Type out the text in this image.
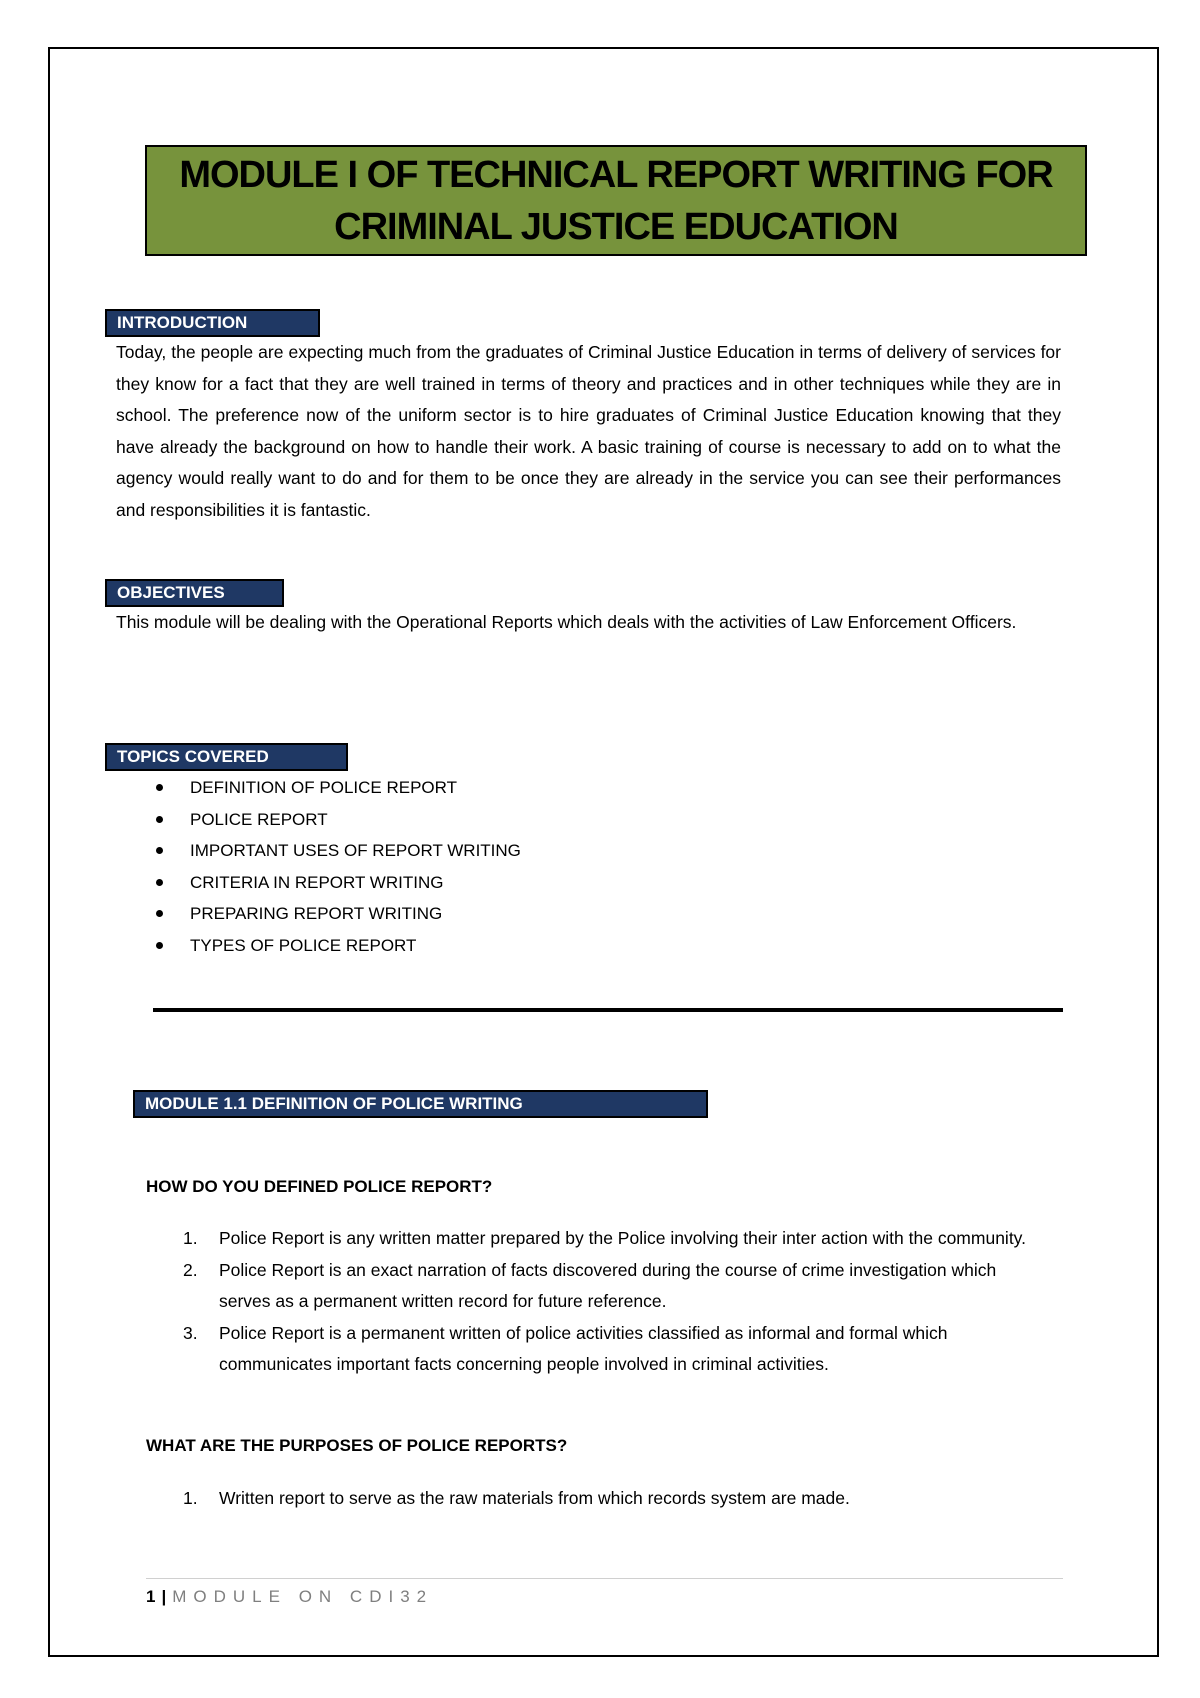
MODULE I OF TECHNICAL REPORT WRITING FOR
CRIMINAL JUSTICE EDUCATION
INTRODUCTION

Today, the people are expecting much from the graduates of Criminal Justice Education in terms of delivery of services for they know for a fact that they are well trained in terms of theory and practices and in other techniques while they are in school. The preference now of the uniform sector is to hire graduates of Criminal Justice Education knowing that they have already the background on how to handle their work. A basic training of course is necessary to add on to what the agency would really want to do and for them to be once they are already in the service you can see their performances and responsibilities it is fantastic.

OBJECTIVES

This module will be dealing with the Operational Reports which deals with the activities of Law Enforcement Officers.

TOPICS COVERED
DEFINITION OF POLICE REPORT
POLICE REPORT
IMPORTANT USES OF REPORT WRITING
CRITERIA IN REPORT WRITING
PREPARING REPORT WRITING
TYPES OF POLICE REPORT
MODULE 1.1 DEFINITION OF POLICE WRITING
HOW DO YOU DEFINED POLICE REPORT?
1. Police Report is any written matter prepared by the Police involving their inter action with the community.
2. Police Report is an exact narration of facts discovered during the course of crime investigation which serves as a permanent written record for future reference.
3. Police Report is a permanent written of police activities classified as informal and formal which communicates important facts concerning people involved in criminal activities.
WHAT ARE THE PURPOSES OF POLICE REPORTS?
1. Written report to serve as the raw materials from which records system are made.
1 | MODULE ON CDI32
